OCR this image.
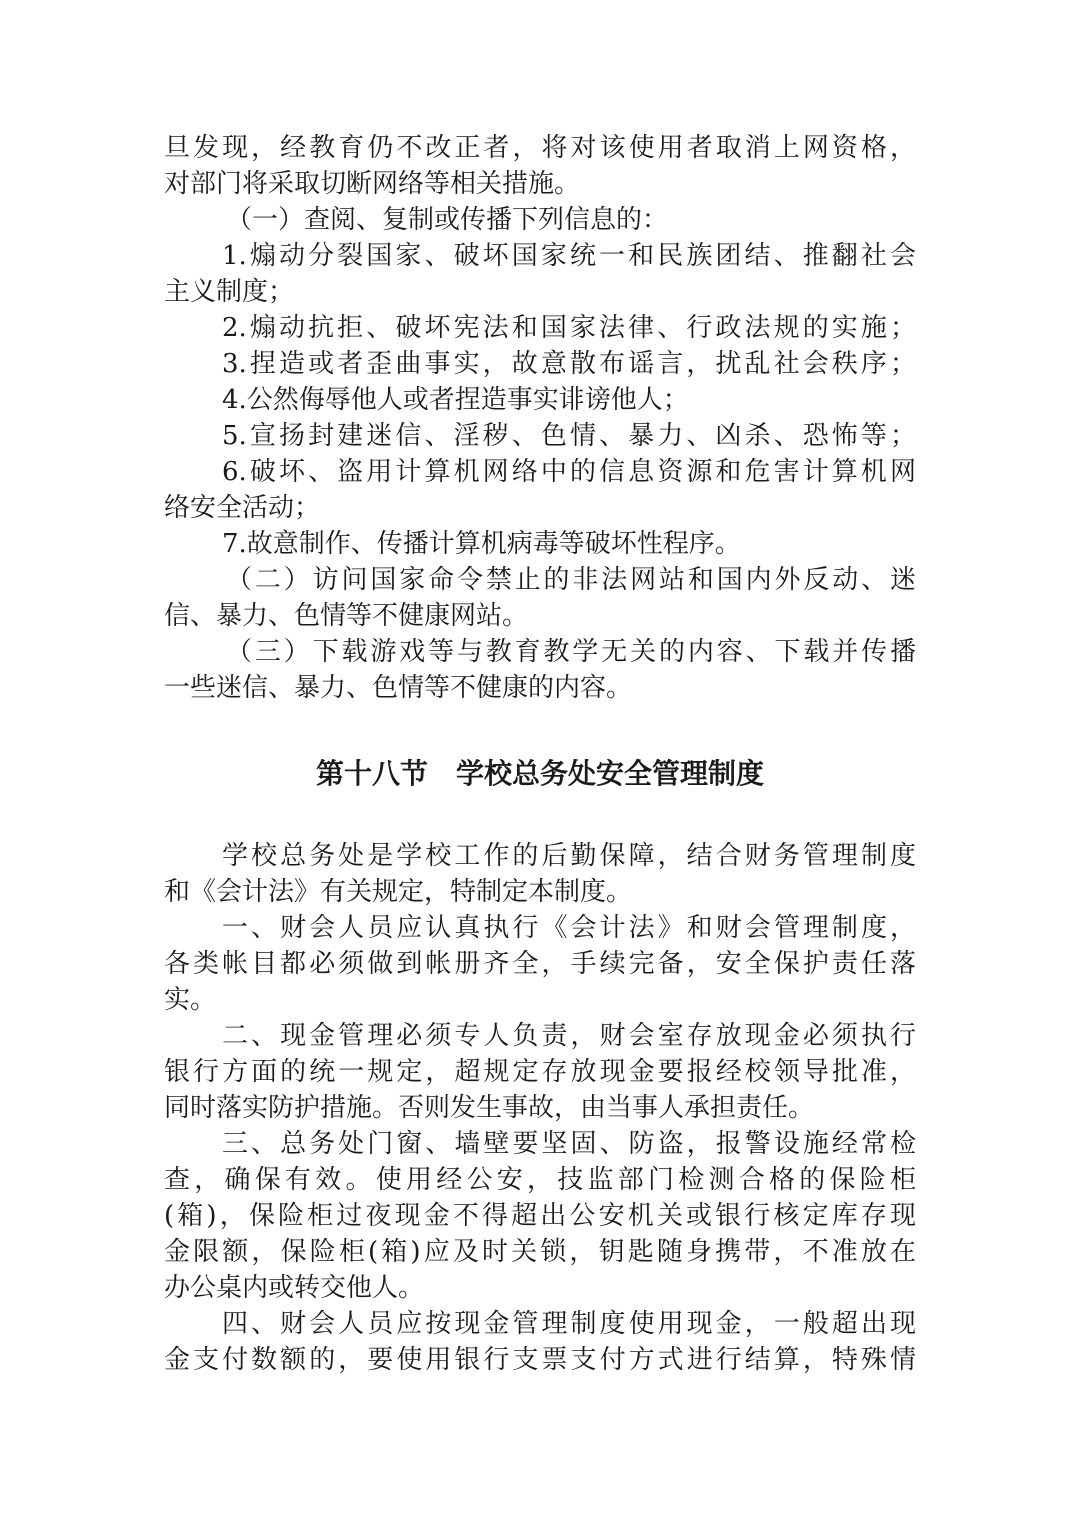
旦发现，经教育仍不改正者，将对该使用者取消上网资格，
对部门将采取切断网络等相关措施。
（一）查阅、复制或传播下列信息的：
1.煽动分裂国家、破坏国家统一和民族团结、推翻社会
主义制度；
2.煽动抗拒、破坏宪法和国家法律、行政法规的实施；
3.捏造或者歪曲事实，故意散布谣言，扰乱社会秩序；
4.公然侮辱他人或者捏造事实诽谤他人；
5.宣扬封建迷信、淫秽、色情、暴力、凶杀、恐怖等；
6.破坏、盗用计算机网络中的信息资源和危害计算机网
络安全活动；
7.故意制作、传播计算机病毒等破坏性程序。
（二）访问国家命令禁止的非法网站和国内外反动、迷
信、暴力、色情等不健康网站。
（三）下载游戏等与教育教学无关的内容、下载并传播
一些迷信、暴力、色情等不健康的内容。
第十八节　学校总务处安全管理制度
学校总务处是学校工作的后勤保障，结合财务管理制度
和《会计法》有关规定，特制定本制度。
一、财会人员应认真执行《会计法》和财会管理制度，
各类帐目都必须做到帐册齐全，手续完备，安全保护责任落
实。
二、现金管理必须专人负责，财会室存放现金必须执行
银行方面的统一规定，超规定存放现金要报经校领导批准，
同时落实防护措施。否则发生事故，由当事人承担责任。
三、总务处门窗、墙壁要坚固、防盗，报警设施经常检
查，确保有效。使用经公安，技监部门检测合格的保险柜
(箱)，保险柜过夜现金不得超出公安机关或银行核定库存现
金限额，保险柜(箱)应及时关锁，钥匙随身携带，不准放在
办公桌内或转交他人。
四、财会人员应按现金管理制度使用现金，一般超出现
金支付数额的，要使用银行支票支付方式进行结算，特殊情
